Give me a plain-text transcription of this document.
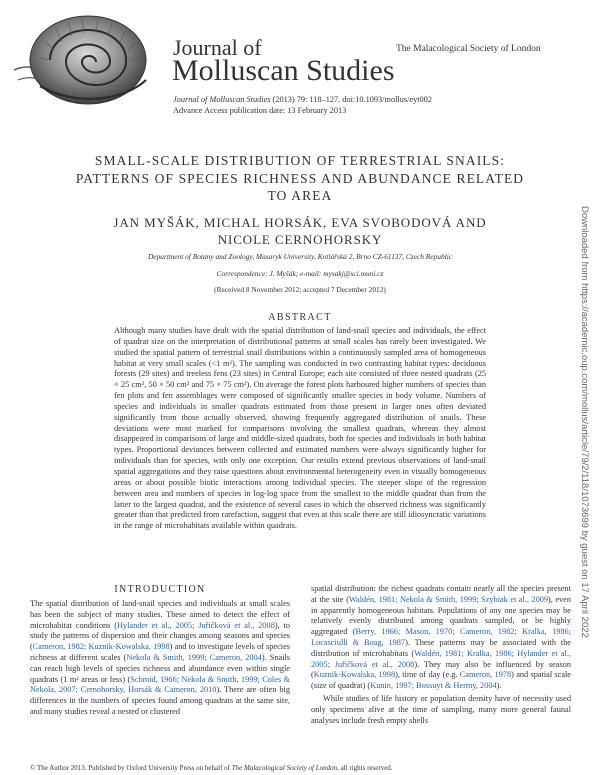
Journal of
Molluscan Studies
The Malacological Society of London
Journal of Molluscan Studies (2013) 79: 118–127. doi:10.1093/mollus/eyt002
Advance Access publication date: 13 February 2013
SMALL-SCALE DISTRIBUTION OF TERRESTRIAL SNAILS:
PATTERNS OF SPECIES RICHNESS AND ABUNDANCE RELATED
TO AREA
JAN MYŠÁK, MICHAL HORSÁK, EVA SVOBODOVÁ AND
NICOLE CERNOHORSKY
Department of Botany and Zoology, Masaryk University, Kotlářská 2, Brno CZ-61137, Czech Republic
Correspondence: J. Myšák; e-mail: mysakj@sci.muni.cz
(Received 8 November 2012; accepted 7 December 2012)
ABSTRACT
Although many studies have dealt with the spatial distribution of land-snail species and individuals, the effect of quadrat size on the interpretation of distributional patterns at small scales has rarely been investigated. We studied the spatial pattern of terrestrial snail distributions within a continuously sampled area of homogeneous habitat at very small scales (<1 m²). The sampling was conducted in two contrasting habitat types: deciduous forests (29 sites) and treeless fens (23 sites) in Central Europe; each site consisted of three nested quadrats (25 × 25 cm², 50 × 50 cm² and 75 × 75 cm²). On average the forest plots harboured higher numbers of species than fen plots and fen assemblages were composed of significantly smaller species in body volume. Numbers of species and individuals in smaller quadrats estimated from those present in larger ones often deviated significantly from those actually observed, showing frequently aggregated distribution of snails. These deviations were most marked for comparisons involving the smallest quadrats, whereas they almost disappeared in comparisons of large and middle-sized quadrats, both for species and individuals in both habitat types. Proportional deviances between collected and estimated numbers were always significantly higher for individuals than for species, with only one exception. Our results extend previous observations of land-snail spatial aggregations and they raise questions about environmental heterogeneity even in visually homogeneous areas or about possible biotic interactions among individual species. The steeper slope of the regression between area and numbers of species in log-log space from the smallest to the middle quadrat than from the latter to the largest quadrat, and the existence of several cases in which the observed richness was significantly greater than that predicted from rarefaction, suggest that even at this scale there are still idiosyncratic variations in the range of microhabitats available within quadrats.
INTRODUCTION
The spatial distribution of land-snail species and individuals at small scales has been the subject of many studies. These aimed to detect the effect of microhabitat conditions (Hylander et al., 2005; Juřičková et al., 2008), to study the patterns of dispersion and their changes among seasons and species (Cameron, 1982; Kuznik-Kowalska, 1998) and to investigate levels of species richness at different scales (Nekola & Smith, 1999; Cameron, 2004). Snails can reach high levels of species richness and abundance even within single quadrats (1 m² areas or less) (Schmid, 1966; Nekola & Smith, 1999; Coles & Nekola, 2007; Cernohorsky, Horsák & Cameron, 2010). There are often big differences in the numbers of species found among quadrats at the same site, and many studies reveal a nested or clustered
spatial distribution: the richest quadrats contain nearly all the species present at the site (Waldén, 1981; Nekola & Smith, 1999; Szybiak et al., 2009), even in apparently homogeneous habitats. Populations of any one species may be relatively evenly distributed among quadrats sampled, or be highly aggregated (Berry, 1966; Mason, 1970; Cameron, 1982; Kralka, 1986; Locasciulli & Boag, 1987). These patterns may be associated with the distribution of microhabitats (Waldén, 1981; Kralka, 1986; Hylander et al., 2005; Juřičková et al., 2008). They may also be influenced by season (Kuznik-Kowalska, 1998), time of day (e.g. Cameron, 1978) and spatial scale (size of quadrat) (Kunin, 1997; Bossuyt & Hermy, 2004).
While studies of life history or population density have of necessity used only specimens alive at the time of sampling, many more general faunal analyses include fresh empty shells
© The Author 2013. Published by Oxford University Press on behalf of The Malacological Society of London, all rights reserved.
Downloaded from https://academic.oup.com/mollus/article/79/2/118/1073699 by guest on 17 April 2022
